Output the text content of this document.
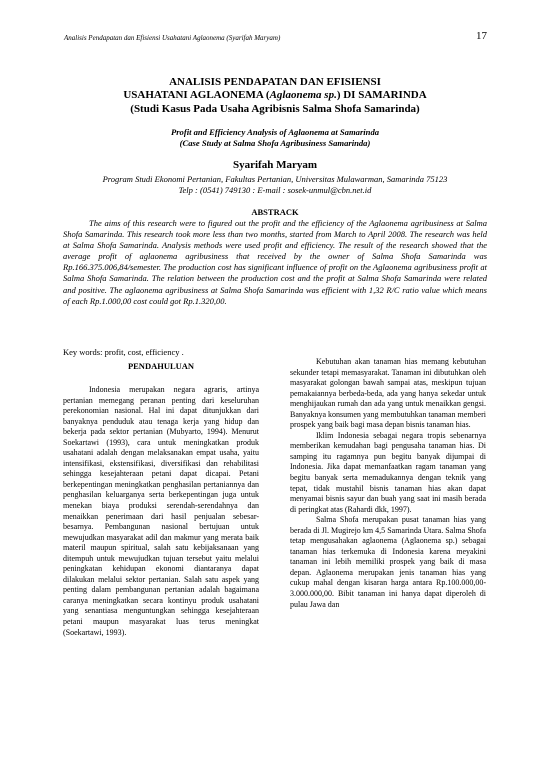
Analisis Pendapatan dan Efisiensi Usahatani Aglaonema (Syarifah Maryam)	17
ANALISIS PENDAPATAN DAN EFISIENSI
USAHATANI AGLAONEMA (Aglaonema sp.) DI SAMARINDA
(Studi Kasus Pada Usaha Agribisnis Salma Shofa Samarinda)
Profit and Efficiency Analysis of Aglaonema at Samarinda
(Case Study at Salma Shofa Agribusiness Samarinda)
Syarifah Maryam
Program Studi Ekonomi Pertanian, Fakultas Pertanian, Universitas Mulawarman, Samarinda 75123
Telp : (0541) 749130 : E-mail : sosek-unmul@cbn.net.id
ABSTRACK
The aims of this research were to figured out the profit and the efficiency of the Aglaonema agribusiness at Salma Shofa Samarinda. This research took more less than two months, started from March to April 2008. The research was held at Salma Shofa Samarinda. Analysis methods were used profit and efficiency. The result of the research showed that the average profit of aglaonema agribusiness that received by the owner of Salma Shofa Samarinda was Rp.166.375.006,84/semester. The production cost has significant influence of profit on the Aglaonema agribusiness profit at Salma Shofa Samarinda. The relation between the production cost and the profit at Salma Shofa Samarinda were related and positive. The aglaonema agribusiness at Salma Shofa Samarinda was efficient with 1,32 R/C ratio value which means of each Rp.1.000,00 cost could got Rp.1.320,00.
Key words: profit, cost, efficiency .
PENDAHULUAN

Indonesia merupakan negara agraris, artinya pertanian memegang peranan penting dari keseluruhan perekonomian nasional. Hal ini dapat ditunjukkan dari banyaknya penduduk atau tenaga kerja yang hidup dan bekerja pada sektor pertanian (Mubyarto, 1994). Menurut Soekartawi (1993), cara untuk meningkatkan produk usahatani adalah dengan melaksanakan empat usaha, yaitu intensifikasi, ekstensifikasi, diversifikasi dan rehabilitasi sehingga kesejahteraan petani dapat dicapai. Petani berkepentingan meningkatkan penghasilan pertaniannya dan penghasilan keluarganya serta berkepentingan juga untuk menekan biaya produksi serendah-serendahnya dan menaikkan penerimaan dari hasil penjualan sebesar-besarnya. Pembangunan nasional bertujuan untuk mewujudkan masyarakat adil dan makmur yang merata baik materil maupun spiritual, salah satu kebijaksanaan yang ditempuh untuk mewujudkan tujuan tersebut yaitu melalui peningkatan kehidupan ekonomi diantaranya dapat dilakukan melalui sektor pertanian. Salah satu aspek yang penting dalam pembangunan pertanian adalah bagaimana caranya meningkatkan secara kontinyu produk usahatani yang senantiasa menguntungkan sehingga kesejahteraan petani maupun masyarakat luas terus meningkat (Soekartawi, 1993).

Kebutuhan akan tanaman hias memang kebutuhan sekunder tetapi memasyarakat. Tanaman ini dibutuhkan oleh masyarakat golongan bawah sampai atas, meskipun tujuan pemakaiannya berbeda-beda, ada yang hanya sekedar untuk menghijaukan rumah dan ada yang untuk menaikkan gengsi. Banyaknya konsumen yang membutuhkan tanaman memberi prospek yang baik bagi masa depan bisnis tanaman hias.

Iklim Indonesia sebagai negara tropis sebenarnya memberikan kemudahan bagi pengusaha tanaman hias. Di samping itu ragamnya pun begitu banyak dijumpai di Indonesia. Jika dapat memanfaatkan ragam tanaman yang begitu banyak serta memadukannya dengan teknik yang tepat, tidak mustahil bisnis tanaman hias akan dapat menyamai bisnis sayur dan buah yang saat ini masih berada di peringkat atas (Rahardi dkk, 1997).

Salma Shofa merupakan pusat tanaman hias yang berada di Jl. Mugirejo km 4,5 Samarinda Utara. Salma Shofa tetap mengusahakan aglaonema (Aglaonema sp.) sebagai tanaman hias terkemuka di Indonesia karena meyakini tanaman ini lebih memiliki prospek yang baik di masa depan. Aglaonema merupakan jenis tanaman hias yang cukup mahal dengan kisaran harga antara Rp.100.000,00-3.000.000,00. Bibit tanaman ini hanya dapat diperoleh di pulau Jawa dan
